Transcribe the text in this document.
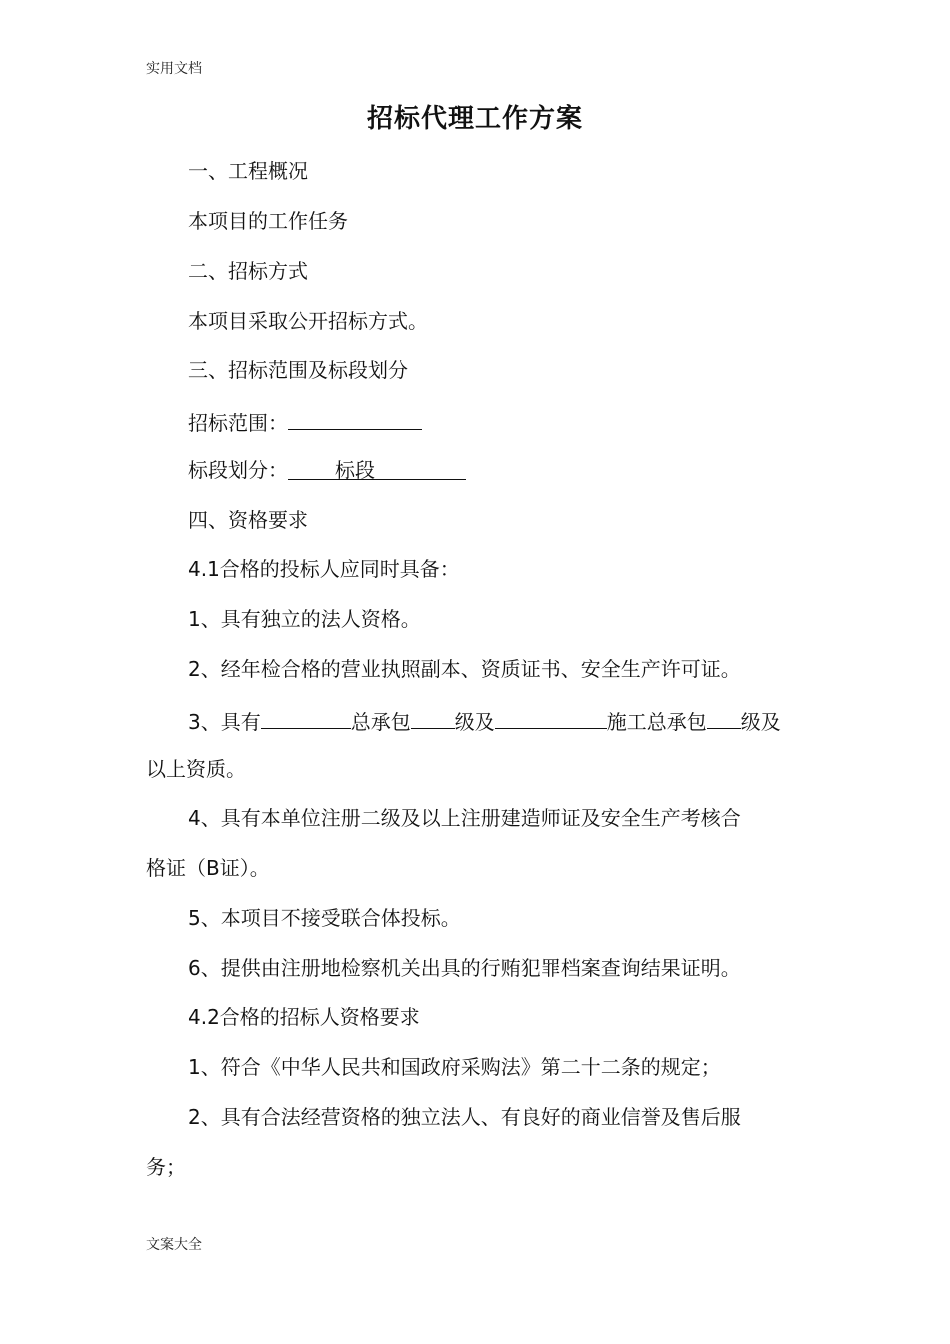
实用文档
招标代理工作方案
一、工程概况
本项目的工作任务
二、招标方式
本项目采取公开招标方式。
三、招标范围及标段划分
招标范围：
标段划分： 标段
四、资格要求
4.1合格的投标人应同时具备：
1、具有独立的法人资格。
2、经年检合格的营业执照副本、资质证书、安全生产许可证。
3、具有	总承包 级及	施工总承包 级及
以上资质。
4、具有本单位注册二级及以上注册建造师证及安全生产考核合
格证（B证）。
5、本项目不接受联合体投标。
6、提供由注册地检察机关出具的行贿犯罪档案查询结果证明。
4.2合格的招标人资格要求
1、符合《中华人民共和国政府采购法》第二十二条的规定；
2、具有合法经营资格的独立法人、有良好的商业信誉及售后服
务；
文案大全
